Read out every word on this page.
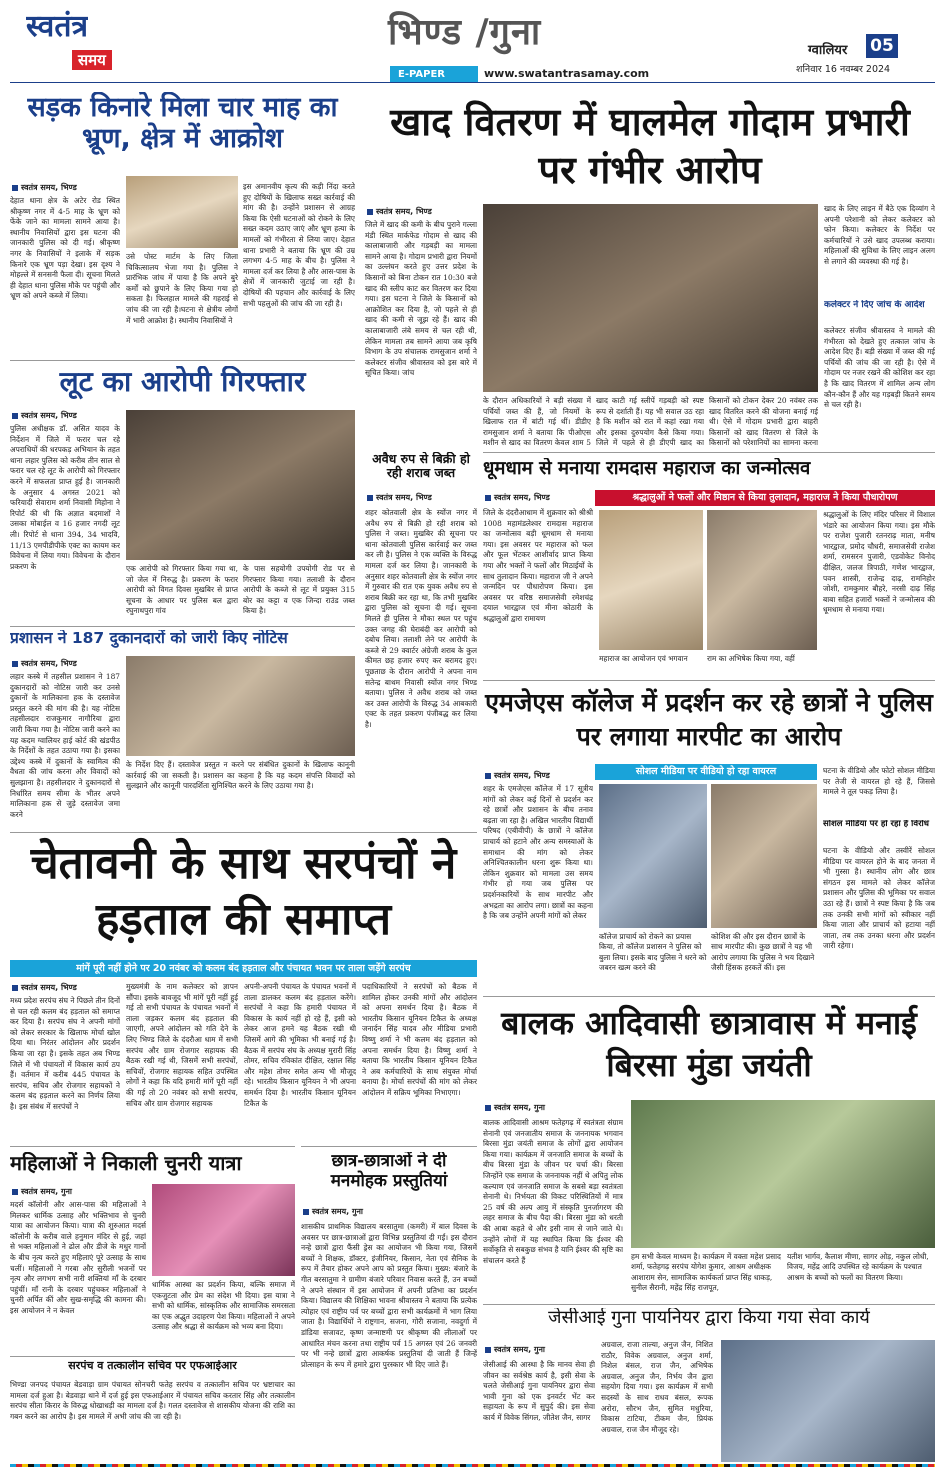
स्वतंत्र
समय
भिण्ड /गुना
E-PAPER	www.swatantrasamay.com
ग्वालियर 05
शनिवार 16 नवम्बर 2024
सड़क किनारे मिला चार माह का भ्रूण, क्षेत्र में आक्रोश
स्वतंत्र समय, भिण्ड
देहात थाना क्षेत्र के अटेर रोड स्थित श्रीकृष्ण नगर में 4-5 माह के भ्रूण को फेंके जाने का मामला सामने आया है। स्थानीय निवासियों द्वारा इस घटना की जानकारी पुलिस को दी गई। श्रीकृष्ण नगर के निवासियों ने इलाके में सड़क किनारे एक भ्रूण पड़ा देखा। इस दृश्य ने मोहल्ले में सनसनी फैला दी। सूचना मिलते ही देहात थाना पुलिस मौके पर पहुंची और भ्रूण को अपने कब्जे में लिया।
उसे पोस्ट मार्टम के लिए जिला चिकित्सालय भेजा गया है। पुलिस ने प्रारंभिक जांच में पाया है कि अपने बुरे कर्मों को छुपाने के लिए किया गया हो सकता है। फिलहाल मामले की गहराई से जांच की जा रही है।घटना से क्षेत्रीय लोगों में भारी आक्रोश है। स्थानीय निवासियों ने
इस अमानवीय कृत्य की कड़ी निंदा करते हुए दोषियों के खिलाफ सख्त कार्रवाई की मांग की है। उन्होंने प्रशासन से आग्रह किया कि ऐसी घटनाओं को रोकने के लिए सख्त कदम उठाए जाएं और भ्रूण हत्या के मामलों को गंभीरता से लिया जाए। देहात थाना प्रभारी ने बताया कि भ्रूण की उम्र लगभग 4-5 माह के बीच है। पुलिस ने मामला दर्ज कर लिया है और आस-पास के क्षेत्रों में जानकारी जुटाई जा रही है। दोषियों की पहचान और कार्रवाई के लिए सभी पहलुओं की जांच की जा रही है।
लूट का आरोपी गिरफ्तार
स्वतंत्र समय, भिण्ड
पुलिस अधीक्षक डॉ. असित यादव के निर्देशन में जिले में फरार चल रहे अपराधियों की धरपकड़ अभियान के तहत थाना लहार पुलिस को करीब तीन साल से फरार चल रहे लूट के आरोपी को गिरफ्तार करने में सफलता प्राप्त हुई है। जानकारी के अनुसार 4 अगस्त 2021 को फरियादी सेवाराम शर्मा निवासी मिहोना ने रिपोर्ट की थी कि अज्ञात बदमाशों ने उसका मोबाईल व 16 हजार नगदी लूट ली। रिपोर्ट से थाना 394, 34 भादवि, 11/13 एमपीडीपीके एक्ट का कायम कर विवेचना में लिया गया। विवेचना के दौरान प्रकरण के	एक आरोपी को गिरफ्तार किया गया था, जो जेल में निरुद्ध है। प्रकरण के फरार आरोपी को विगत दिवस मुखबिर से प्राप्त सूचना के आधार पर पुलिस बल द्वारा रघुनाथपुरा गांव
के पास सहयोगी उपयोगी रोड पर से गिरफ्तार किया गया। तलाशी के दौरान आरोपी के कब्जे से लूट में प्रयुक्त 315 बोर का कट्टा व एक जिन्दा राउंड जब्त किया है।
प्रशासन ने 187 दुकानदारों को जारी किए नोटिस
स्वतंत्र समय, भिण्ड
लहार कस्बे में तहसील प्रशासन ने 187 दुकानदारों को नोटिस जारी कर उनसे दुकानों के मालिकाना हक के दस्तावेज प्रस्तुत करने की मांग की है। यह नोटिस तहसीलदार राजकुमार नागौरिया द्वारा जारी किया गया है। नोटिस जारी करने का यह कदम ग्वालियर हाई कोर्ट की खंडपीठ के निर्देशों के तहत उठाया गया है। इसका उद्देश्य कस्बे में दुकानों के स्वामित्व की वैधता की जांच करना और विवादों को सुलझाना है। तहसीलदार ने दुकानदारों से निर्धारित समय सीमा के भीतर अपने मालिकाना हक से जुड़े दस्तावेज जमा करने
के निर्देश दिए हैं। दस्तावेज प्रस्तुत न करने पर संबंधित दुकानों के खिलाफ कानूनी कार्रवाई की जा सकती है। प्रशासन का कहना है कि यह कदम संपत्ति विवादों को सुलझाने और कानूनी पारदर्शिता सुनिश्चित करने के लिए उठाया गया है।
खाद वितरण में घालमेल गोदाम प्रभारी पर गंभीर आरोप
स्वतंत्र समय, भिण्ड
जिले में खाद की कमी के बीच पुराने गल्ला मंडी स्थित मार्कफेड गोदाम से खाद की कालाबाजारी और गड़बड़ी का मामला सामने आया है। गोदाम प्रभारी द्वारा नियमों का उल्लंघन करते हुए उत्तर प्रदेश के किसानों को बिना टोकन रात 10:30 बजे खाद की स्लीप काट कर वितरण कर दिया गया। इस घटना ने जिले के किसानों को आक्रोशित कर दिया है, जो पहले से ही खाद की कमी से जूझ रहे हैं। खाद की कालाबाजारी लंबे समय से चल रही थी, लेकिन मामला तब सामने आया जब कृषि विभाग के उप संचालक रामसुजान शर्मा ने कलेक्टर संजीव श्रीवास्तव को इस बारे में सूचित किया। जांच
के दौरान अधिकारियों ने बड़ी संख्या में पर्चियों जब्त की हैं, जो नियमों के खिलाफ रात में बांटी गई थीं। डीडीए रामसुजान शर्मा ने बताया कि पीओएस मशीन से खाद का वितरण केवल शाम 5
खाद काटी गई स्लीपें गड़बड़ी को स्पष्ट रूप से दर्शाती हैं। यह भी सवाल उठ रहा है कि मशीन को रात में कहां रखा गया और इसका दुरुपयोग कैसे किया गया। जिले में पहले से ही डीएपी खाद का
किसानों को टोकन देकर 20 नवंबर तक खाद वितरित करने की योजना बनाई गई थी। ऐसे में गोदाम प्रभारी द्वारा बाहरी किसानों को खाद वितरण से जिले के किसानों को परेशानियों का सामना करना
खाद के लिए लाइन में बैठे एक दिव्यांग ने अपनी परेशानी को लेकर कलेक्टर को फोन किया। कलेक्टर के निर्देश पर कर्मचारियों ने उसे खाद उपलब्ध कराया। महिलाओं की सुविधा के लिए लाइन अलग से लगाने की व्यवस्था की गई है।
कलेक्टर ने दिए जांच के आदेश
कलेक्टर संजीव श्रीवास्तव ने मामले की गंभीरता को देखते हुए तत्काल जांच के आदेश दिए हैं। बड़ी संख्या में जब्त की गई पर्चियों की जांच की जा रही है। ऐसे में गोदाम पर नजर रखने की कोशिश कर रहा है कि खाद वितरण में शामिल अन्य लोग कौन-कौन हैं और यह गड़बड़ी कितने समय से चल रही है।
अवैध रुप से बिक्री हो रही शराब जब्त
स्वतंत्र समय, भिण्ड
शहर कोतवाली क्षेत्र के स्योंज नगर में अवैध रुप से बिक्री हो रही शराब को पुलिस ने जब्त। मुखबिर की सूचना पर थाना कोतवाली पुलिस कार्रवाई कर जब्त कर ली है। पुलिस ने एक व्यक्ति के विरुद्ध मामला दर्ज कर लिया है। जानकारी के अनुसार शहर कोतवाली क्षेत्र के स्योंज नगर में गुरुवार की रात एक युवक अवैध रुप से शराब बिक्री कर रहा था, कि तभी मुखबिर द्वारा पुलिस को सूचना दी गई। सूचना मिलते ही पुलिस ने मौका स्थल पर पहुंच उक्त जगह की घेराबंदी कर आरोपी को दबोच लिया। तलाशी लेने पर आरोपी के कब्जे से 29 क्वार्टर अंग्रेजी शराब के कुल कीमत छह हजार रुपए कर बरामद हुए। पूछताछ के दौरान आरोपी ने अपना नाम सतेन्द्र बाथम निवासी स्योंज नगर भिण्ड बताया। पुलिस ने अवैध शराब को जब्त कर उक्त आरोपी के विरुद्ध 34 आबकारी एक्ट के तहत प्रकरण पंजीबद्ध कर लिया है।
धूमधाम से मनाया रामदास महाराज का जन्मोत्सव
स्वतंत्र समय, भिण्ड	श्रद्धालुओं ने फलों और मिष्ठान से किया तुलादान, महाराज ने किया पौधारोपण
जिले के दंदरौआधाम में शुक्रवार को श्रीश्री 1008 महामंडलेश्वर रामदास महाराज का जन्मोत्सव बड़ी धूमधाम से मनाया गया। इस अवसर पर महाराज को फल और फूल भेंटकर आशीर्वाद प्राप्त किया गया और भक्तों ने फलों और मिठाईयों के साथ तुलादान किया। महाराज जी ने अपने जन्मदिन पर पौधारोपण किया। इस अवसर पर वरिष्ठ समाजसेवी रमेशचंद्र दयाल भारद्वाज एवं मीना कोठारी के श्रद्धालुओं द्वारा रामायण
महाराज का आयोजन एवं भगवान	राम का अभिषेक किया गया, वहीं
श्रद्धालुओं के लिए मंदिर परिसर में विशाल भंडारे का आयोजन किया गया। इस मौके पर राजेश पुजारी रतनराढ़ माता, मनीष भारद्वाज, प्रमोद चौधरी, समाजसेवी राजेश शर्मा, रामसरन पुजारी, एडवोकेट विनोद दीक्षित, जलज त्रिपाठी, गणेश भारद्वाज, पवन शास्त्री, राजेन्द्र दाढ़, रामनिहोर जोशी, रामकुमार बौहरे, नरसी दाढ़ सिंह बाबा सहित हजारों भक्तों ने जन्मोत्सव की धूमधाम से मनाया गया।
एमजेएस कॉलेज में प्रदर्शन कर रहे छात्रों ने पुलिस पर लगाया मारपीट का आरोप
स्वतंत्र समय, भिण्ड	सोशल मीडिया पर वीडियो हो रहा वायरल
शहर के एमजेएस कॉलेज में 17 सूत्रीय मांगों को लेकर कई दिनों से प्रदर्शन कर रहे छात्रों और प्रशासन के बीच तनाव बढ़ता जा रहा है। अखिल भारतीय विद्यार्थी परिषद (एबीवीपी) के छात्रों ने कॉलेज प्राचार्य को हटाने और अन्य समस्याओं के समाधान की मांग को लेकर अनिश्चितकालीन धरना शुरू किया था। लेकिन शुक्रवार को मामला उस समय गंभीर हो गया जब पुलिस पर प्रदर्शनकारियों के साथ मारपीट और अभद्रता का आरोप लगा। छात्रों का कहना है कि जब उन्होंने अपनी मांगों को लेकर
कॉलेज प्राचार्य को रोकने का प्रयास किया, तो कॉलेज प्रशासन ने पुलिस को बुला लिया। इसके बाद पुलिस ने धरने को जबरन खत्म करने की
कोशिश की और इस दौरान छात्रों के साथ मारपीट की। कुछ छात्रों ने यह भी आरोप लगाया कि पुलिस ने भय दिखाने जैसी हिंसक हरकतें कीं। इस
घटना के वीडियो और फोटो सोशल मीडिया पर तेजी से वायरल हो रहे हैं, जिससे मामले ने तूल पकड़ लिया है।
सोशल मीडिया पर हो रहा है विरोध
घटना के वीडियो और तस्वीरें सोशल मीडिया पर वायरल होने के बाद जनता में भी गुस्सा है। स्थानीय लोग और छात्र संगठन इस मामले को लेकर कॉलेज प्रशासन और पुलिस की भूमिका पर सवाल उठा रहे हैं। छात्रों ने स्पष्ट किया है कि जब तक उनकी सभी मांगों को स्वीकार नहीं किया जाता और प्राचार्य को हटाया नहीं जाता, तब तक उनका धरना और प्रदर्शन जारी रहेगा।
चेतावनी के साथ सरपंचों ने हड़ताल की समाप्त
मांगें पूरी नहीं होने पर 20 नवंबर को कलम बंद हड़ताल और पंचायत भवन पर ताला जड़ेंगे सरपंच
स्वतंत्र समय, भिण्ड
मध्य प्रदेश सरपंच संघ ने पिछले तीन दिनों से चल रही कलम बंद हड़ताल को समाप्त कर दिया है। सरपंच संघ ने अपनी मांगों को लेकर सरकार के खिलाफ मोर्चा खोल दिया था। निरंतर आंदोलन और प्रदर्शन किया जा रहा है। इसके तहत अब भिण्ड जिले में भी पंचायतों में विकास कार्य ठप हैं। वर्तमान में करीब 445 पंचायत के सरपंच, सचिव और रोजगार सहायकों ने कलम बंद हड़ताल करने का निर्णय लिया है। इस संबंध में सरपंचों ने
मुख्यमंत्री के नाम कलेक्टर को ज्ञापन सौंपा। इसके बावजूद भी मांगें पूरी नहीं हुई गई तो सभी पंचायत के पंचायत भवनों में ताला जड़कर कलम बंद हड़ताल की जाएगी, अपने आंदोलन को गति देने के लिए भिण्ड जिले के दंदरौआ धाम में सभी सरपंच और ग्राम रोजगार सहायक की बैठक रखी गई थी, जिसमें सभी सरपंचों, सचिवों, रोजगार सहायक सहित उपस्थित लोगों ने कहा कि यदि हमारी मांगें पूरी नहीं की गई तो 20 नवंबर को सभी सरपंच, सचिव और ग्राम रोजगार सहायक
अपनी-अपनी पंचायत के पंचायत भवनों में ताला डालकर कलम बंद हड़ताल करेंगे। सरपंचों ने कहा कि हमारी पंचायत में विकास के कार्य नहीं हो रहे हैं, इसी को लेकर आज हमने यह बैठक रखी थी जिसमें आगे की भूमिका भी बनाई गई है। बैठक में सरपंच संघ के अध्यक्ष मुरारी सिंह तोमर, सचिव रविकांत दीक्षित, रक्षाल सिंह और महेश तोमर समेत अन्य भी मौजूद रहे। भारतीय किसान यूनियन ने भी अपना समर्थन दिया है। भारतीय किसान यूनियन टिकैत के
पदाधिकारियों ने सरपंचों को बैठक में शामिल होकर उनकी मांगों और आंदोलन को अपना समर्थन दिया है। बैठक में भारतीय किसान यूनियन टिकैत के अध्यक्ष जनार्दन सिंह यादव और मीडिया प्रभारी विष्णु शर्मा ने भी कलम बंद हड़ताल को अपना समर्थन दिया है। विष्णु शर्मा ने बताया कि भारतीय किसान यूनियन टिकैत ने अब कर्मचारियों के साथ संयुक्त मोर्चा बनाया है। मोर्चा सरपंचों की मांग को लेकर आंदोलन में सक्रिय भूमिका निभाएगा।
बालक आदिवासी छात्रावास में मनाई बिरसा मुंडा जयंती
स्वतंत्र समय, गुना
बालक आदिवासी आश्रम फतेहगढ़ में स्वतंत्रता संग्राम सेनानी एवं जनजातीय समाज के जननायक भगवान बिरसा मुंडा जयंती समाज के लोगों द्वारा आयोजन किया गया। कार्यक्रम में जनजाति समाज के बच्चों के बीच बिरसा मुंडा के जीवन पर चर्चा की। बिरसा जिन्होंने एक समाज के जननायक नहीं थे अपितु लोक कल्याण एवं जनजाति समाज के सबसे बड़ा स्वतंत्रता सेनानी थे। निर्भयता की विकट परिस्थितियों में मात्र 25 वर्ष की अल्प आयु में संस्कृति पुनर्जागरण की लहर समाज के बीच पैदा की। बिरसा मुंडा को धरती की आबा कहते थे और इसी नाम से जाने जाते थे। उन्होंने लोगों में यह स्थापित किया कि ईश्वर की सर्वोकृति से सबकुछ संभव है यानि ईश्वर की सृष्टि का संचालन करते हैं	हम सभी केवल माध्यम है। कार्यक्रम में वक्ता महेश प्रसाद शर्मा, फतेहगढ़ सरपंच योगेश कुमार, आश्रम अधीक्षक आशाराम सेन, सामाजिक कार्यकर्ता प्राप्त सिंह धाकड़, सुनील सैरानी, महेंद्र सिंह राजपूत,
यतीश भार्गव, कैलाश मीणा, सागर ओड़, नकुल लोधी, विजय, महेंद्र आदि उपस्थित रहे कार्यक्रम के पश्चात आश्रम के बच्चों को फलों का वितरण किया।
महिलाओं ने निकाली चुनरी यात्रा
स्वतंत्र समय, गुना
मदर्स कॉलोनी और आस-पास की महिलाओं ने मिलकर धार्मिक उत्साह और भक्तिभाव से चुनरी यात्रा का आयोजन किया। यात्रा की शुरुआत मदर्स कॉलोनी के करीब वाले हनुमान मंदिर से हुई, जहां से भक्त महिलाओं ने ढोल और डीजे के मधुर गानों के बीच नृत्य करते हुए महिलाएं पूरे उत्साह के साथ चलीं। महिलाओं ने गरबा और सुरीली भजनों पर नृत्य और लगभग सभी नारी शक्तियां माँ के दरबार पहुंचीं। माँ रानी के दरबार पहुंचकर महिलाओं ने चुनरी अर्पित कीं और सुख-समृद्धि की कामना की। इस आयोजन ने न केवल
धार्मिक आस्था का प्रदर्शन किया, बल्कि समाज में एकजुटता और प्रेम का संदेश भी दिया। इस यात्रा ने सभी को धार्मिक, सांस्कृतिक और सामाजिक समरसता का एक अद्भुत उदाहरण पेश किया। महिलाओं ने अपने उत्साह और श्रद्धा से कार्यक्रम को भव्य बना दिया।
सरपंच व तत्कालीन सचिव पर एफआईआर
भिण्डा जनपद पंचायत बेडवाड़ा ग्राम पंचायत सोनचरी फतेह सरपंच व तत्कालीन सचिव पर भ्रष्टाचार का मामला दर्ज हुआ है। बेडवाड़ा थाने में दर्ज हुई इस एफआईआर में पंचायत सचिव करतार सिंह और तत्कालीन सरपंच सीता किरार के विरुद्ध धोखाधड़ी का मामला दर्ज है। गलत दस्तावेज से शासकीय योजना की राशि का गबन करने का आरोप है। इस मामले में अभी जांच की जा रही है।
छात्र-छात्राओं ने दी मनमोहक प्रस्तुतियां
स्वतंत्र समय, गुना
शासकीय प्राथमिक विद्यालय बरसातुमा (कमरी) में बाल दिवस के अवसर पर छात्र-छात्राओं द्वारा विभिन्न प्रस्तुतियां दी गईं। इस दौरान नन्हे छात्रों द्वारा फैंसी ड्रेस का आयोजन भी किया गया, जिसमें बच्चों ने शिक्षक, डॉक्टर, इंजीनियर, किसान, नेता एवं सैनिक के रूप में तैयार होकर अपने आप को प्रस्तुत किया। मुख्य: बंजारे के गीत बरसातुमा ने ग्रामीण बंजारे परिवार निवास करते हैं, उन बच्चों ने अपने संस्थान में इस आयोजन में अपनी प्रतिभा का प्रदर्शन किया। विद्यालय की शिक्षिका भावना श्रीवास्तव ने बताया कि प्रत्येक त्योहार एवं राष्ट्रीय पर्व पर बच्चों द्वारा सभी कार्यक्रमों में भाग लिया जाता है। विद्यार्थियों ने राष्ट्रगान, सजना, गोरी सजाना, नवदुर्गा में डांडिया सजावट, कृष्ण जन्माष्टमी पर श्रीकृष्ण की लीलाओं पर आधारित मंचन करना तथा राष्ट्रीय पर्व 15 अगस्त एवं 26 जनवरी पर भी नन्हे छात्रों द्वारा आकर्षक प्रस्तुतियां दी जाती हैं जिन्हें प्रोत्साहन के रूप में हमारे द्वारा पुरस्कार भी दिए जाते हैं।
जेसीआई गुना पायनियर द्वारा किया गया सेवा कार्य
स्वतंत्र समय, गुना
जेसीआई की आस्था है कि मानव सेवा ही जीवन का सर्वश्रेष्ठ कार्य है, इसी सेवा के चलते जेसीआई गुना पायनियर द्वारा सेवा भावी गुना को एक इनवर्टर भेंट कर सहायता के रूप में सुपुर्द की। इस सेवा कार्य में विवेक सिंगल, जीतेश जैन, सागर
अग्रवाल, राजा ताल्या, अनुज जैन, निशित राठौर, विवेक अग्रवाल, अनुज शर्मा, निशेल बंसल, राज जैन, अभिषेक अग्रवाल, अनुज जैन, निर्भय जैन द्वारा सहयोग दिया गया। इस कार्यक्रम में सभी सदस्यों के साथ राधव बंसल, रूपक अरोरा, सौरभ जैन, सुमित मधुरिया, विकास टाटिया, टीकम जैन, प्रियंक अग्रवाल, राज जैन मौजूद रहे।
